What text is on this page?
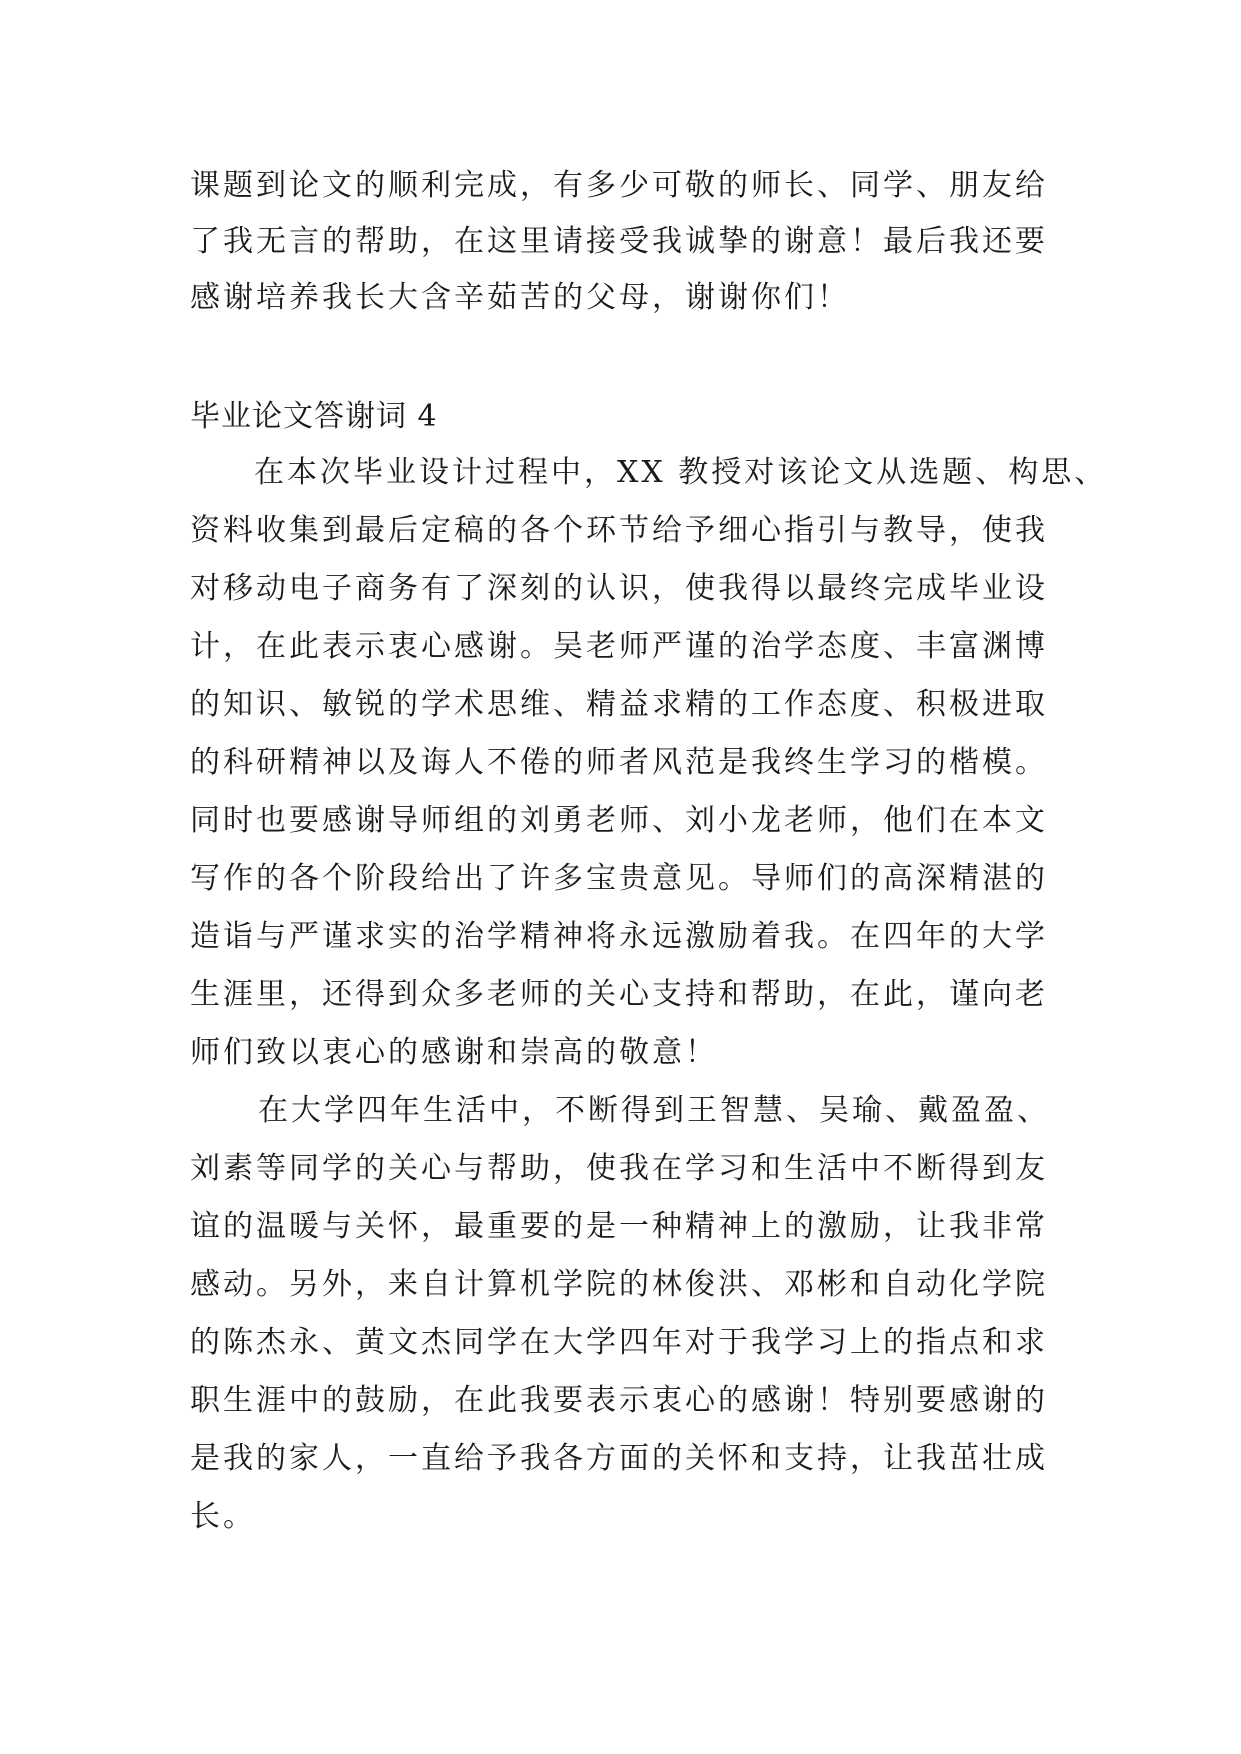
课题到论文的顺利完成，有多少可敬的师长、同学、朋友给

了我无言的帮助，在这里请接受我诚挚的谢意！最后我还要

感谢培养我长大含辛茹苦的父母，谢谢你们！

毕业论文答谢词 4

在本次毕业设计过程中，XX 教授对该论文从选题、构思、

资料收集到最后定稿的各个环节给予细心指引与教导，使我

对移动电子商务有了深刻的认识，使我得以最终完成毕业设

计，在此表示衷心感谢。吴老师严谨的治学态度、丰富渊博

的知识、敏锐的学术思维、精益求精的工作态度、积极进取

的科研精神以及诲人不倦的师者风范是我终生学习的楷模。

同时也要感谢导师组的刘勇老师、刘小龙老师，他们在本文

写作的各个阶段给出了许多宝贵意见。导师们的高深精湛的

造诣与严谨求实的治学精神将永远激励着我。在四年的大学

生涯里，还得到众多老师的关心支持和帮助，在此，谨向老

师们致以衷心的感谢和崇高的敬意！

在大学四年生活中，不断得到王智慧、吴瑜、戴盈盈、

刘素等同学的关心与帮助，使我在学习和生活中不断得到友

谊的温暖与关怀，最重要的是一种精神上的激励，让我非常

感动。另外，来自计算机学院的林俊洪、邓彬和自动化学院

的陈杰永、黄文杰同学在大学四年对于我学习上的指点和求

职生涯中的鼓励，在此我要表示衷心的感谢！特别要感谢的

是我的家人，一直给予我各方面的关怀和支持，让我茁壮成

长。
